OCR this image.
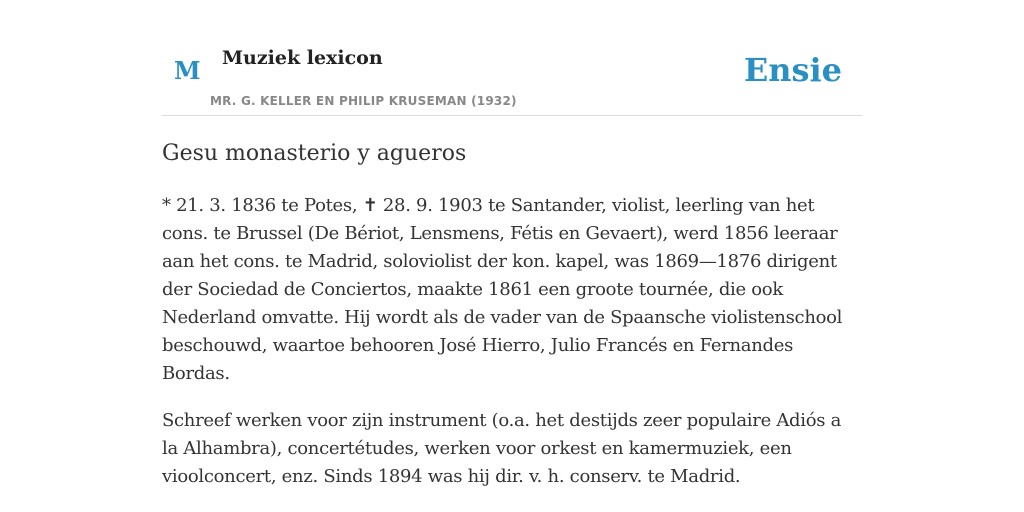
M Muziek lexicon
MR. G. KELLER EN PHILIP KRUSEMAN (1932)
Ensie
Gesu monasterio y agueros

* 21. 3. 1836 te Potes, ✝ 28. 9. 1903 te Santander, violist, leerling van het cons. te Brussel (De Bériot, Lensmens, Fétis en Gevaert), werd 1856 leeraar aan het cons. te Madrid, soloviolist der kon. kapel, was 1869—1876 dirigent der Sociedad de Conciertos, maakte 1861 een groote tournée, die ook Nederland omvatte. Hij wordt als de vader van de Spaansche violistenschool beschouwd, waartoe behooren José Hierro, Julio Francés en Fernandes Bordas.

Schreef werken voor zijn instrument (o.a. het destijds zeer populaire Adiós a la Alhambra), concertétudes, werken voor orkest en kamermuziek, een vioolconcert, enz. Sinds 1894 was hij dir. v. h. conserv. te Madrid.
